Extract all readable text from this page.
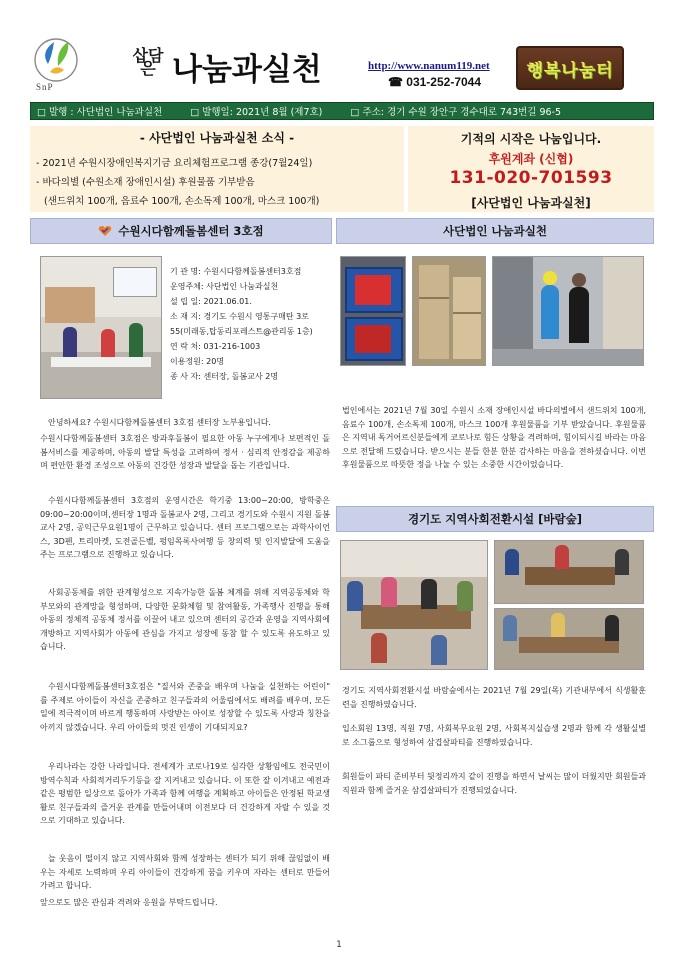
SnP
삽담 은 나눔과실천	http://www.nanum119.net
☎ 031-252-7044
행복나눔터
□ 발행 : 사단법인 나눔과실천	□ 발행일: 2021년 8월 (제7호)	□ 주소: 경기 수원 장안구 경수대로 743번길 96-5
- 사단법인 나눔과실천 소식 -
- 2021년 수원시장애인복지기금 요리체험프로그램 종강(7월24일)
- 바다의별 (수원소재 장애인시설) 후원물품 기부받음
(샌드위치 100개, 음료수 100개, 손소독제 100개, 마스크 100개)
기적의 시작은 나눔입니다.
후원계좌 (신협)
131-020-701593
[사단법인 나눔과실천]
수원시다함께돌봄센터 3호점	사단법인 나눔과실천
기 관 명: 수원시다함께돌봄센터3호점
운영주체: 사단법인 나눔과실천
설 립 일: 2021.06.01.
소 재 지: 경기도 수원시 영통구매탄 3로
55(미래동,탑동리포레스트@관리동 1층)
연 락 처: 031-216-1003
이용정원: 20명
종 사 자: 센터장, 돌봄교사 2명
법인에서는 2021년 7월 30일 수원시 소재 장애인시설 바다의별에서 샌드위치 100개, 음료수 100개, 손소독제 100개, 마스크 100개 후원물품을 기부 받았습니다. 후원물품은 지역내 독거어르신분들에게 코로나로 힘든 상황을 격려하며, 힘이되시길 바라는 마음으로 전달해 드렸습니다. 받으시는 분들 한분 한분 감사하는 마음을 전하셨습니다. 이번 후원물품으로 따뜻한 정을 나눌 수 있는 소중한 시간이었습니다.
경기도 지역사회전환시설 [바람숲]
경기도 지역사회전환시설 바람숲에서는 2021년 7월 29일(목) 기관내부에서 식생활훈련을 진행하였습니다.
입소회원 13명, 직원 7명, 사회복무요원 2명, 사회복지실습생 2명과 함께 각 생활실별로 소그룹으로 형성하여 삼겹살파티를 진행하였습니다.
회원들이 파티 준비부터 뒷정리까지 같이 진행을 하면서 날씨는 많이 더웠지만 회원들과 직원과 함께 즐거운 삼겹살파티가 진행되었습니다.
안녕하세요? 수원시다함께돌봄센터 3호점 센터장 노부용입니다.
수원시다함께돌봄센터 3호점은 방과후돌봄이 필요한 아동 누구에게나 보편적인 돌봄서비스를 제공하며, 아동의 발달 특성을 고려하여 정서 · 심리적 안정감을 제공하며 편안한 환경 조성으로 아동의 건강한 성장과 발달을 돕는 기관입니다.
수원시다함께돌봄센터 3호점의 운영시간은 학기중 13:00~20:00, 방학중은 09:00~20:00이며,센터장 1명과 돌봄교사 2명, 그리고 경기도와 수원시 지원 돌봄교사 2명, 공익근무요원1명이 근무하고 있습니다. 센터 프로그램으로는 과학사이언스, 3D펜, 트리마켓, 도전골든벨, 펑임목록사여행 등 창의력 및 인지발달에 도움을 주는 프로그램으로 진행하고 있습니다.
사회공동체를 위한 관계형성으로 지속가능한 돌봄 체계를 위해 지역공동체와 학부모와의 관계망을 형성하며, 다양한 문화체험 및 참여활동, 가족행사 진행을 통해 아동의 정체적 공동체 정서를 이끌어 내고 있으며 센터의 공간과 운영을 지역사회에 개방하고 지역사회가 아동에 관심을 가지고 성장에 동참 할 수 있도록 유도하고 있습니다.
수원시다함께돌봄센터3호점은 "질서와 존중을 배우며 나눔을 실천하는 어린이" 를 주제로 아이들이 자신을 존중하고 친구들과의 어울림에서도 배려를 배우며, 모든 일에 적극적이며 바르게 행동하며 사랑받는 아이로 성장할 수 있도록 사랑과 칭찬을 아끼지 않겠습니다. 우리 아이들의 멋진 인생이 기대되지요?
우리나라는 강한 나라입니다. 전세계가 코로나19로 심각한 상황임에도 전국민이 방역수칙과 사회적거리두기등을 잘 지켜내고 있습니다. 이 또한 잘 이겨내고 예전과 같은 평범한 일상으로 돌아가 가족과 함께 여행을 계획하고 아이들은 안정된 학교생활로 친구들과의 즐거운 관계를 만들어내며 이전보다 더 건강하게 자랄 수 있을 것으로 기대하고 있습니다.
늘 웃음이 떨이지 않고 지역사회와 함께 성장하는 센터가 되기 위해 끊임없이 배우는 자세로 노력하며 우리 아이들이 건강하게 꿈을 키우며 자라는 센터로 만들어 가려고 합니다.
앞으로도 많은 관심과 격려와 응원을 부탁드립니다.
1
